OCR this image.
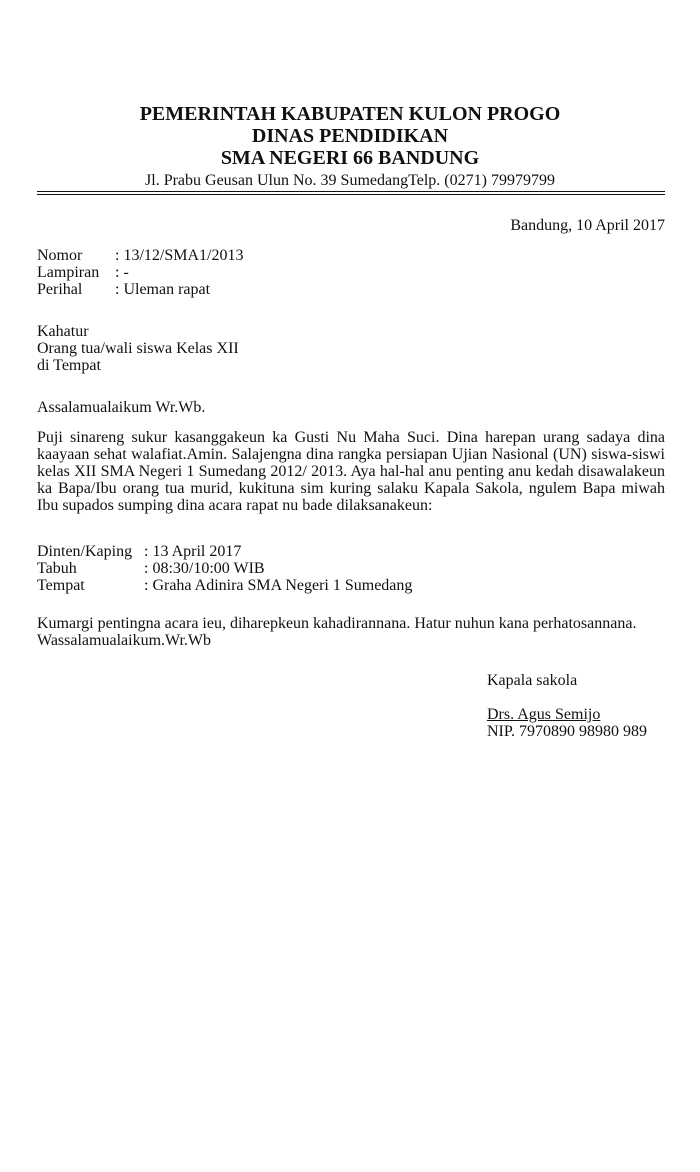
PEMERINTAH KABUPATEN KULON PROGO
DINAS PENDIDIKAN
SMA NEGERI 66 BANDUNG
Jl. Prabu Geusan Ulun No. 39 SumedangTelp. (0271) 79979799
Bandung, 10 April 2017
Nomor	: 13/12/SMA1/2013
Lampiran : -
Perihal	: Uleman rapat
Kahatur
Orang tua/wali siswa Kelas XII
di Tempat
Assalamualaikum Wr.Wb.
Puji sinareng sukur kasanggakeun ka Gusti Nu Maha Suci. Dina harepan urang sadaya dina kaayaan sehat walafiat.Amin. Salajengna dina rangka persiapan Ujian Nasional (UN) siswa-siswi kelas XII SMA Negeri 1 Sumedang 2012/ 2013. Aya hal-hal anu penting anu kedah disawalakeun ka Bapa/Ibu orang tua murid, kukituna sim kuring salaku Kapala Sakola, ngulem Bapa miwah Ibu supados sumping dina acara rapat nu bade dilaksanakeun:
Dinten/Kaping : 13 April 2017
Tabuh	: 08:30/10:00 WIB
Tempat	: Graha Adinira SMA Negeri 1 Sumedang
Kumargi pentingna acara ieu, diharepkeun kahadirannana. Hatur nuhun kana perhatosannana.
Wassalamualaikum.Wr.Wb
Kapala sakola
Drs. Agus Semijo
NIP. 7970890 98980 989
